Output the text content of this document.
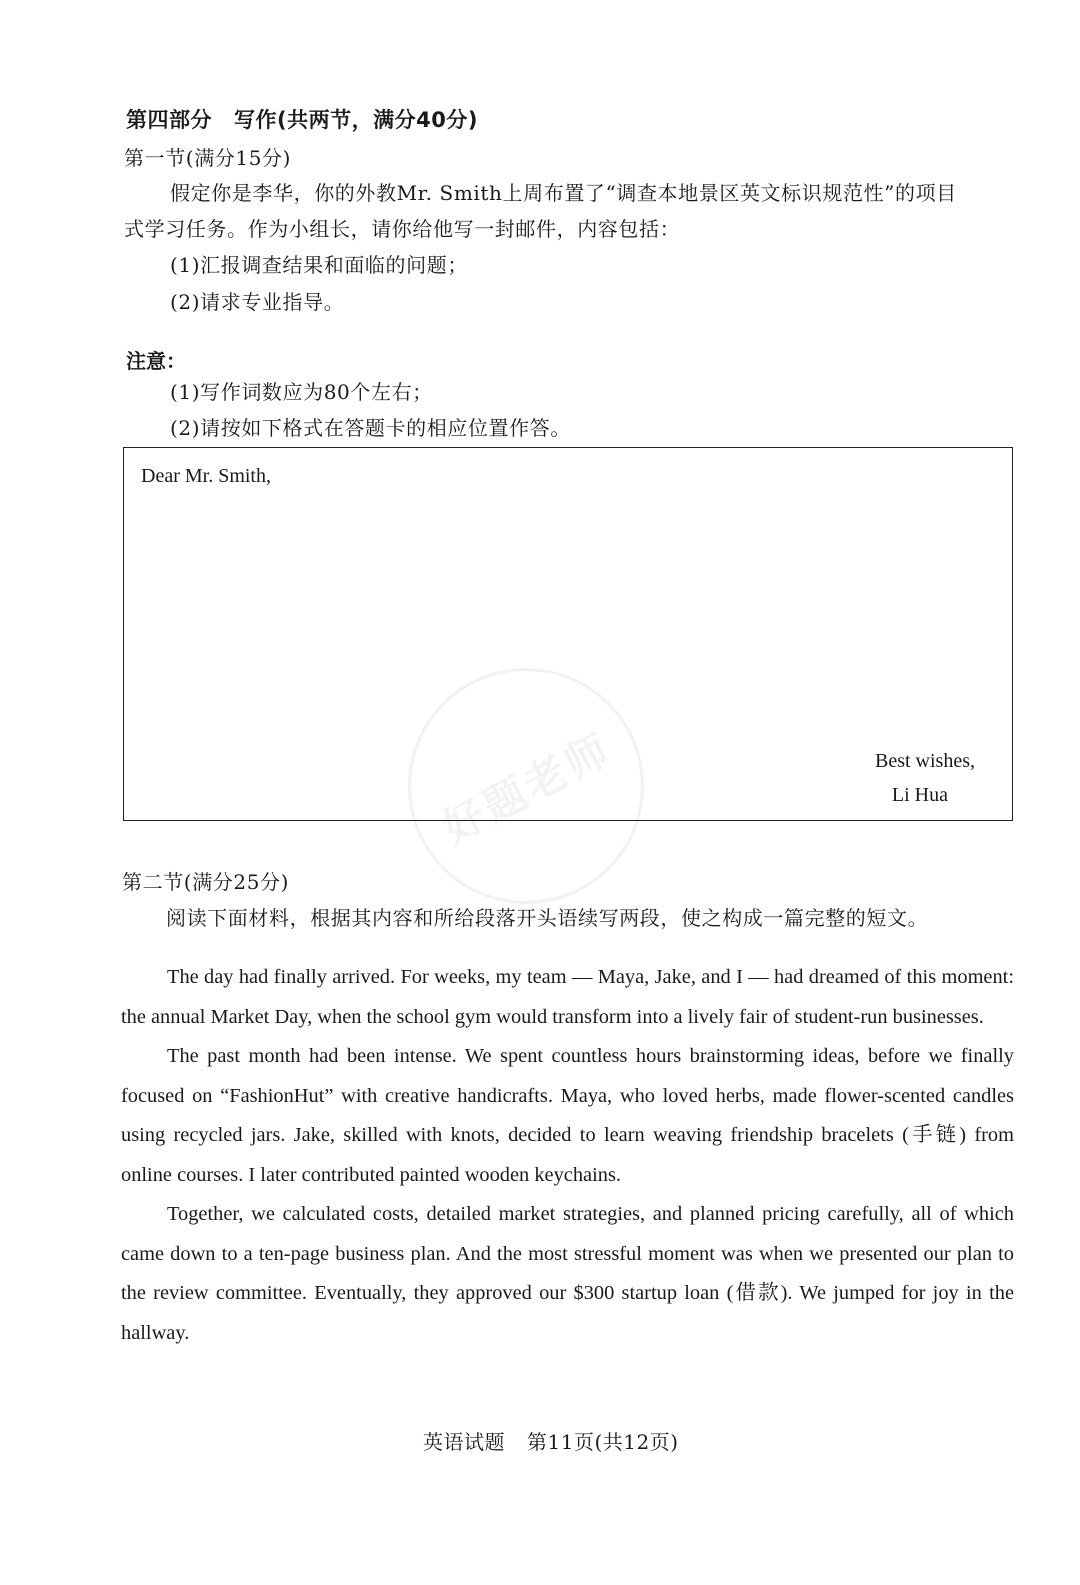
第四部分 写作(共两节，满分40分)
第一节(满分15分)
假定你是李华，你的外教Mr. Smith上周布置了“调查本地景区英文标识规范性”的项目
式学习任务。作为小组长，请你给他写一封邮件，内容包括：
(1)汇报调查结果和面临的问题；
(2)请求专业指导。
注意：
(1)写作词数应为80个左右；
(2)请按如下格式在答题卡的相应位置作答。
Dear Mr. Smith,
Best wishes,
Li Hua
好题老师
第二节(满分25分)
阅读下面材料，根据其内容和所给段落开头语续写两段，使之构成一篇完整的短文。

The day had finally arrived. For weeks, my team — Maya, Jake, and I — had dreamed of this moment: the annual Market Day, when the school gym would transform into a lively fair of student-run businesses.

The past month had been intense. We spent countless hours brainstorming ideas, before we finally focused on “FashionHut” with creative handicrafts. Maya, who loved herbs, made flower-scented candles using recycled jars. Jake, skilled with knots, decided to learn weaving friendship bracelets (手链) from online courses. I later contributed painted wooden keychains.

Together, we calculated costs, detailed market strategies, and planned pricing carefully, all of which came down to a ten-page business plan. And the most stressful moment was when we presented our plan to the review committee. Eventually, they approved our $300 startup loan (借款). We jumped for joy in the hallway.

英语试题 第11页(共12页)
